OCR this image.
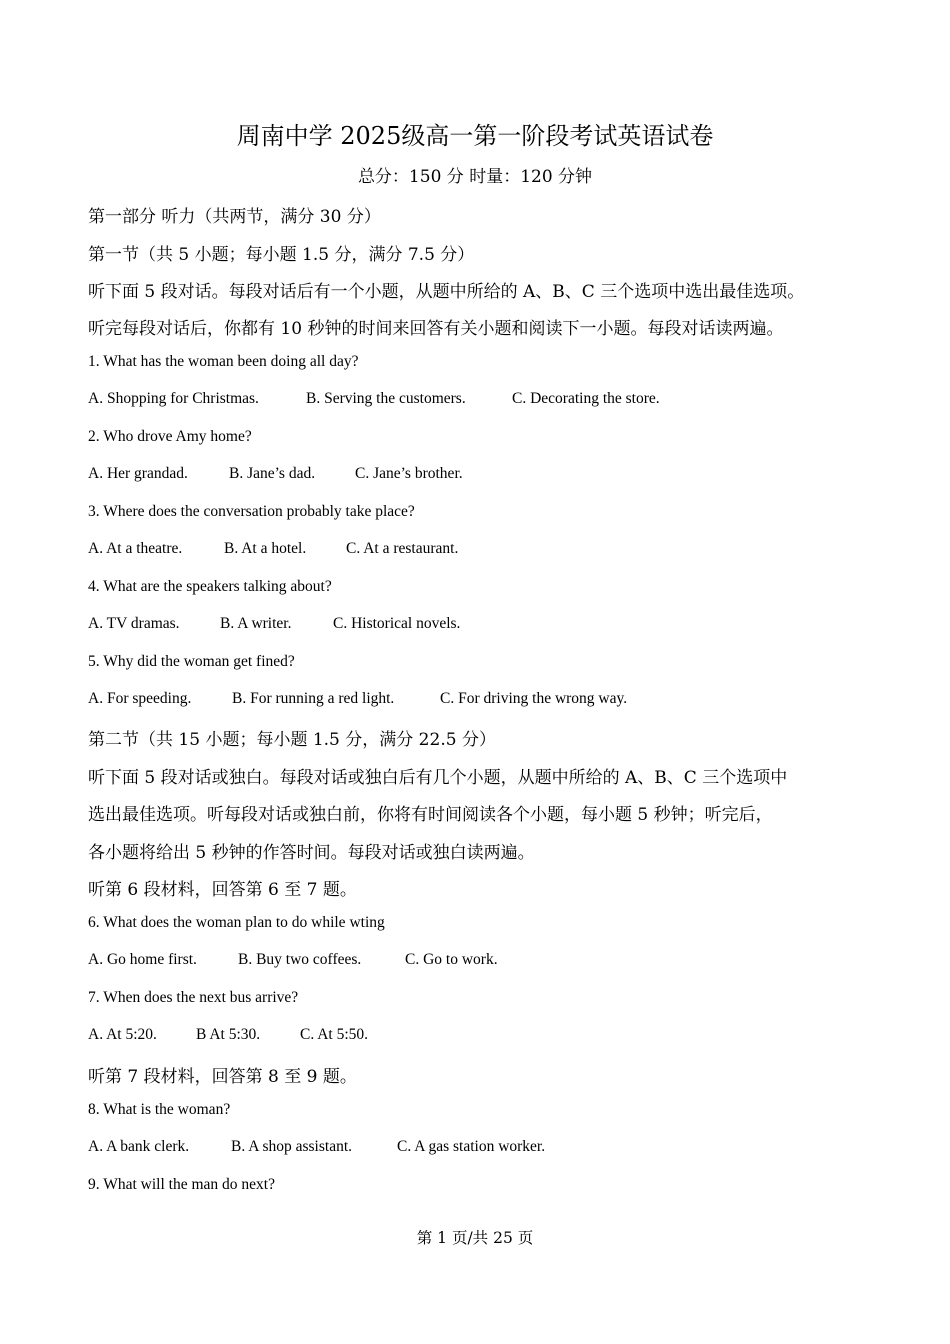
周南中学 2025级高一第一阶段考试英语试卷
总分：150 分 时量：120 分钟
第一部分 听力（共两节，满分 30 分）
第一节（共 5 小题；每小题 1.5 分，满分 7.5 分）
听下面 5 段对话。每段对话后有一个小题，从题中所给的 A、B、C 三个选项中选出最佳选项。
听完每段对话后，你都有 10 秒钟的时间来回答有关小题和阅读下一小题。每段对话读两遍。
1. What has the woman been doing all day?
A. Shopping for Christmas.	B. Serving the customers.	C. Decorating the store.
2. Who drove Amy home?
A. Her grandad.	B. Jane’s dad.	C. Jane’s brother.
3. Where does the conversation probably take place?
A. At a theatre.	B. At a hotel.	C. At a restaurant.
4. What are the speakers talking about?
A. TV dramas.	B. A writer.	C. Historical novels.
5. Why did the woman get fined?
A. For speeding.	B. For running a red light.	C. For driving the wrong way.
第二节（共 15 小题；每小题 1.5 分，满分 22.5 分）
听下面 5 段对话或独白。每段对话或独白后有几个小题，从题中所给的 A、B、C 三个选项中
选出最佳选项。听每段对话或独白前，你将有时间阅读各个小题，每小题 5 秒钟；听完后，
各小题将给出 5 秒钟的作答时间。每段对话或独白读两遍。
听第 6 段材料，回答第 6 至 7 题。
6. What does the woman plan to do while wting
A. Go home first.	B. Buy two coffees.	C. Go to work.
7. When does the next bus arrive?
A. At 5:20.	B At 5:30.	C. At 5:50.
听第 7 段材料，回答第 8 至 9 题。
8. What is the woman?
A. A bank clerk.	B. A shop assistant.	C. A gas station worker.
9. What will the man do next?
第 1 页/共 25 页
